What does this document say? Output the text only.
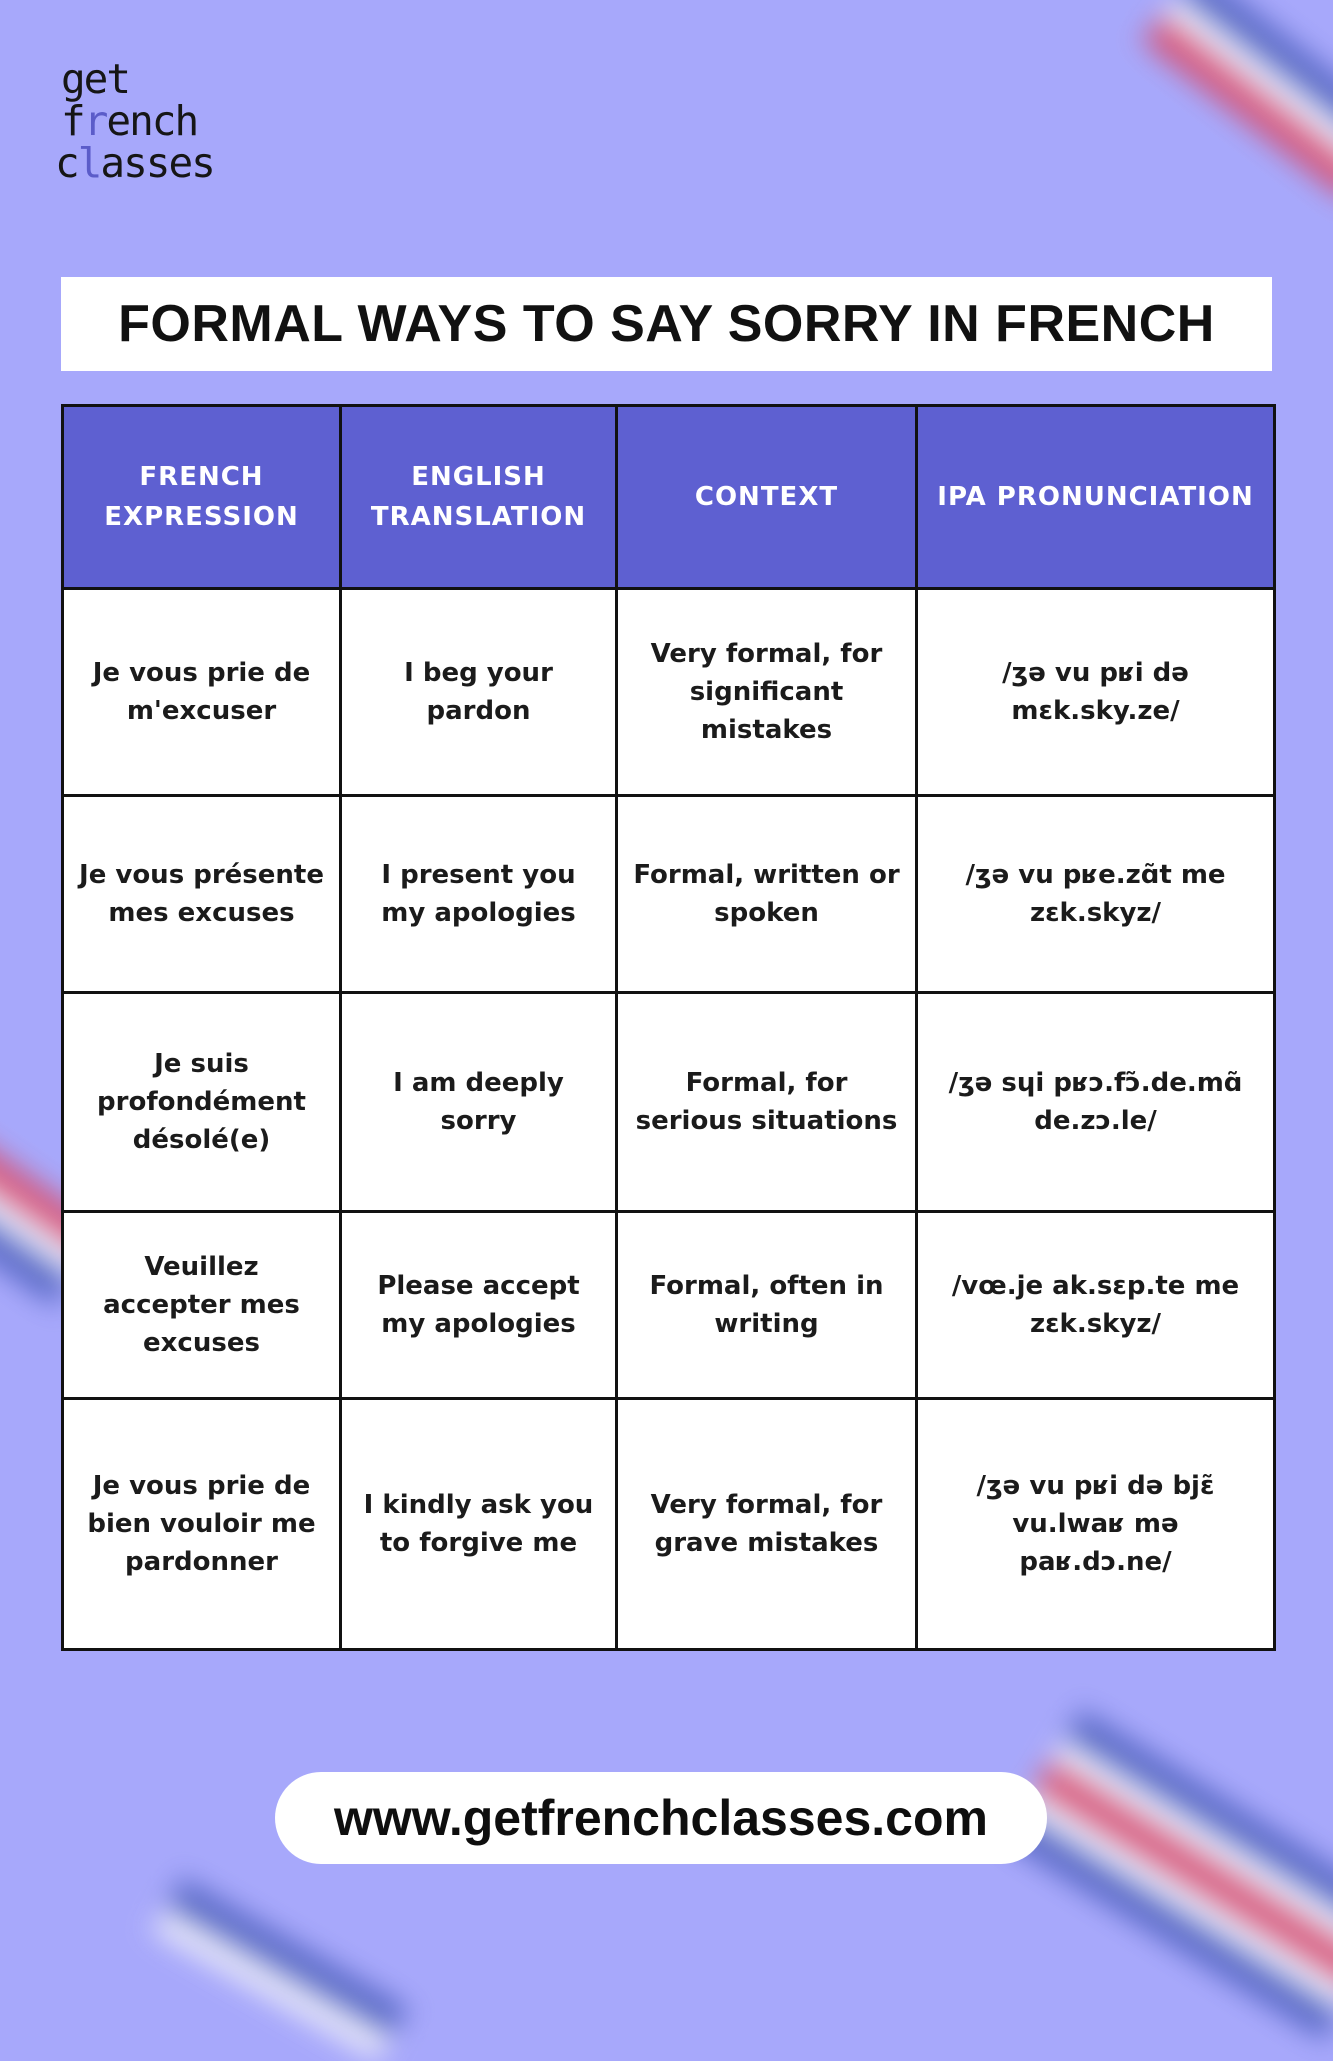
get
french
classes
FORMAL WAYS TO SAY SORRY IN FRENCH
FRENCH EXPRESSION	ENGLISH TRANSLATION	CONTEXT	IPA PRONUNCIATION
Je vous prie de m'excuser	I beg your pardon	Very formal, for significant mistakes	/ʒə vu pʁi də mɛk.sky.ze/
Je vous présente mes excuses	I present you my apologies	Formal, written or spoken	/ʒə vu pʁe.zɑ̃t me zɛk.skyz/
Je suis profondément désolé(e)	I am deeply sorry	Formal, for serious situations	/ʒə sɥi pʁɔ.fɔ̃.de.mɑ̃ de.zɔ.le/
Veuillez accepter mes excuses	Please accept my apologies	Formal, often in writing	/vœ.je ak.sɛp.te me zɛk.skyz/
Je vous prie de bien vouloir me pardonner	I kindly ask you to forgive me	Very formal, for grave mistakes	/ʒə vu pʁi də bjɛ̃ vu.lwaʁ mə paʁ.dɔ.ne/
www.getfrenchclasses.com
